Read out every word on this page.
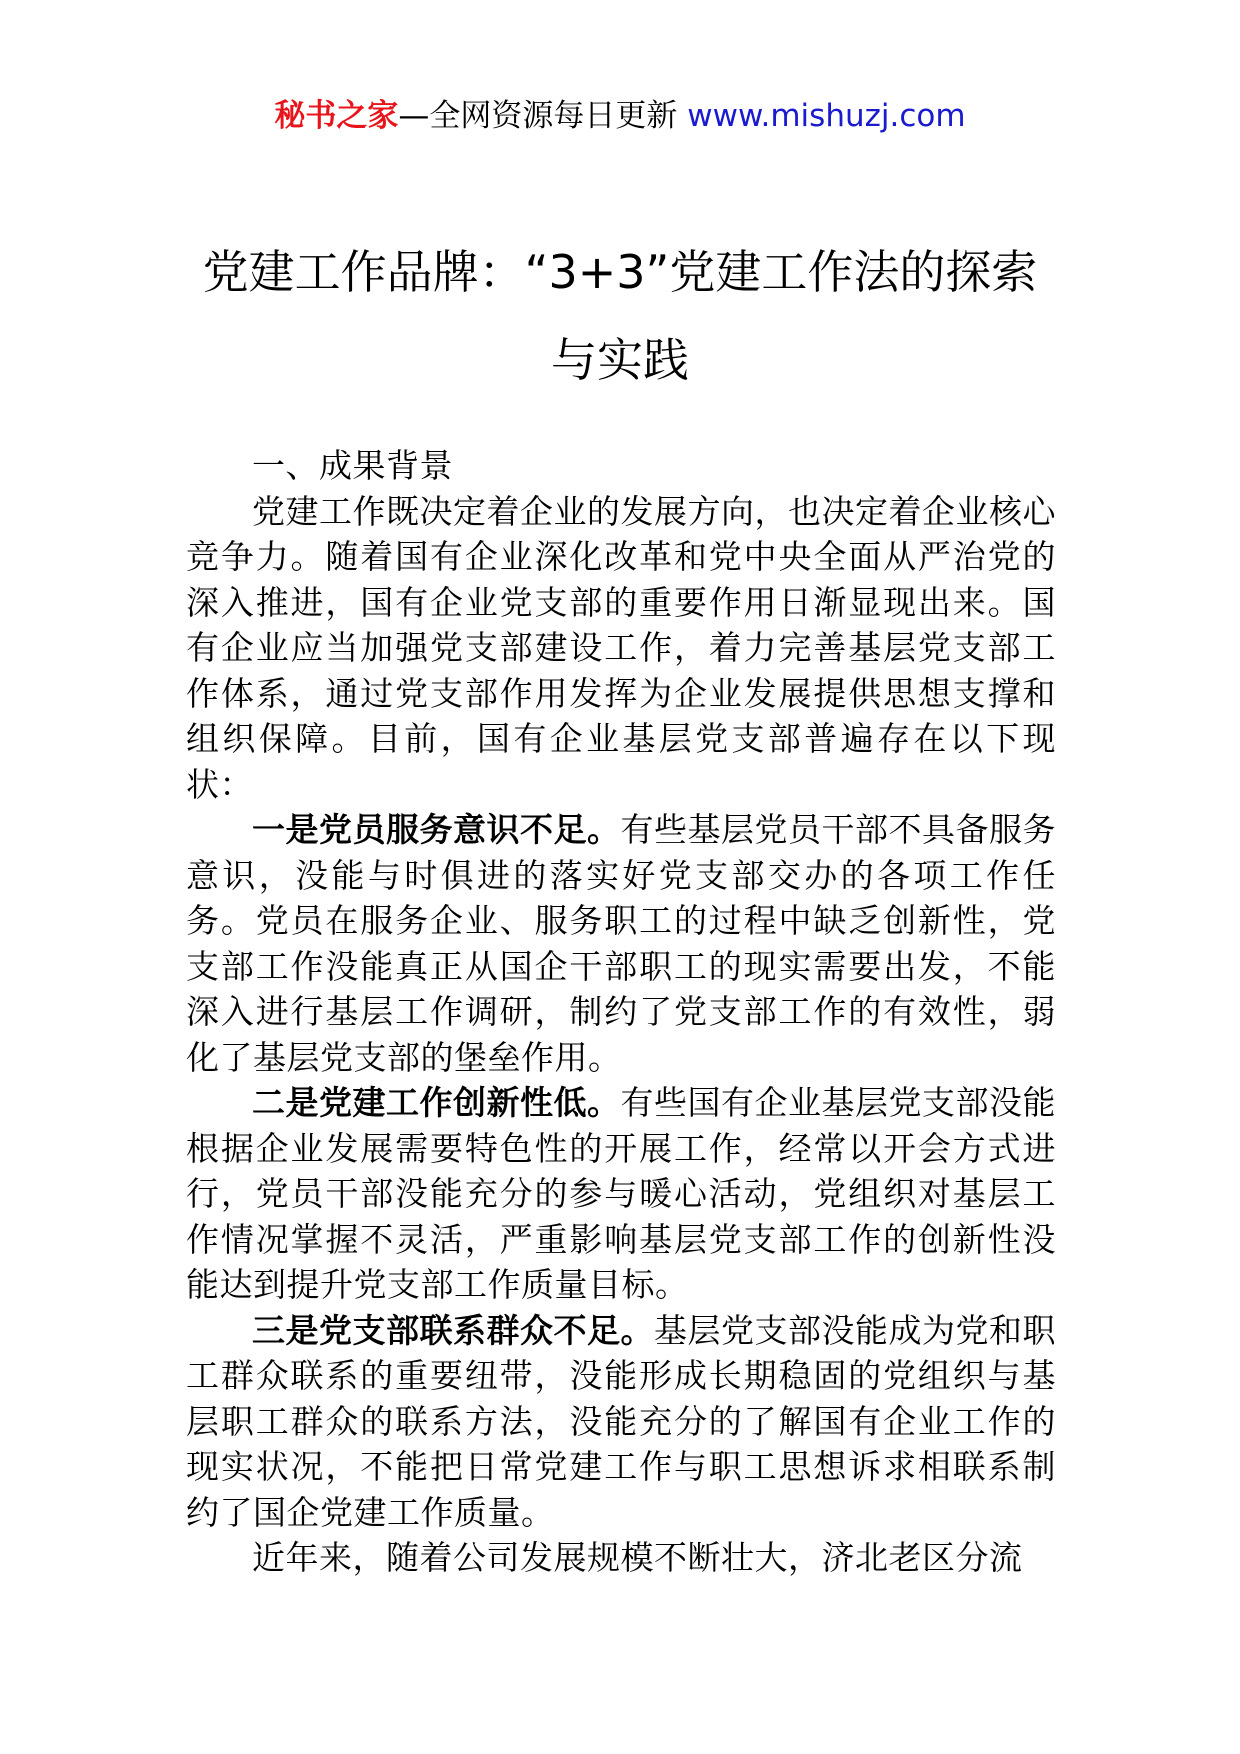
秘书之家—全网资源每日更新 www.mishuzj.com
党建工作品牌：“3+3”党建工作法的探索
与实践

一、成果背景

党建工作既决定着企业的发展方向，也决定着企业核心竞争力。随着国有企业深化改革和党中央全面从严治党的深入推进，国有企业党支部的重要作用日渐显现出来。国有企业应当加强党支部建设工作，着力完善基层党支部工作体系，通过党支部作用发挥为企业发展提供思想支撑和组织保障。目前，国有企业基层党支部普遍存在以下现状：

一是党员服务意识不足。有些基层党员干部不具备服务意识，没能与时俱进的落实好党支部交办的各项工作任务。党员在服务企业、服务职工的过程中缺乏创新性，党支部工作没能真正从国企干部职工的现实需要出发，不能深入进行基层工作调研，制约了党支部工作的有效性，弱化了基层党支部的堡垒作用。

二是党建工作创新性低。有些国有企业基层党支部没能根据企业发展需要特色性的开展工作，经常以开会方式进行，党员干部没能充分的参与暖心活动，党组织对基层工作情况掌握不灵活，严重影响基层党支部工作的创新性没能达到提升党支部工作质量目标。

三是党支部联系群众不足。基层党支部没能成为党和职工群众联系的重要纽带，没能形成长期稳固的党组织与基层职工群众的联系方法，没能充分的了解国有企业工作的现实状况，不能把日常党建工作与职工思想诉求相联系制约了国企党建工作质量。

近年来，随着公司发展规模不断壮大，济北老区分流
